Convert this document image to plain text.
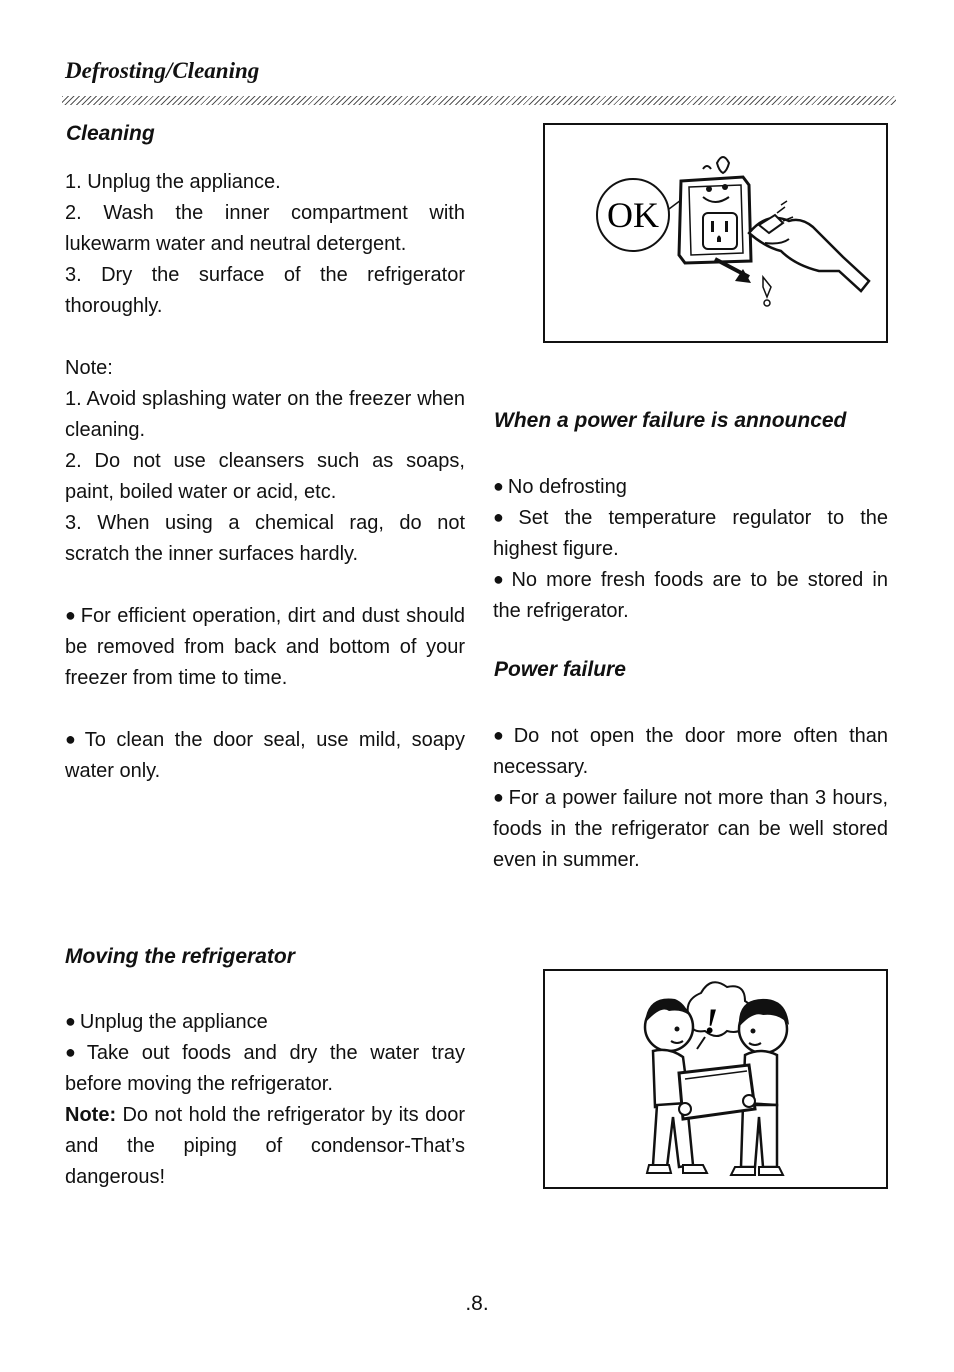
Defrosting/Cleaning
Cleaning
1. Unplug the appliance.
2. Wash the inner compartment with lukewarm water and neutral detergent.
3. Dry the surface of the refrigerator thoroughly.
Note:
1. Avoid splashing water on the freezer when cleaning.
2. Do not use cleansers such as soaps, paint, boiled water or acid, etc.
3. When using a chemical rag, do not scratch the inner surfaces hardly.
● For efficient operation, dirt and dust should be removed from back and bottom of your freezer from time to time.
● To clean the door seal, use mild, soapy water only.
Moving the refrigerator
● Unplug the appliance
● Take out foods and dry the water tray before moving the refrigerator.
Note: Do not hold the refrigerator by its door and the piping of condensor-That’s dangerous!
OK
When a power failure is announced
● No defrosting
● Set the temperature regulator to the highest figure.
● No more fresh foods are to be stored in the refrigerator.
Power failure
● Do not open the door more often than necessary.
● For a power failure not more than 3 hours, foods in the refrigerator can be well stored even in summer.
!
.8.
